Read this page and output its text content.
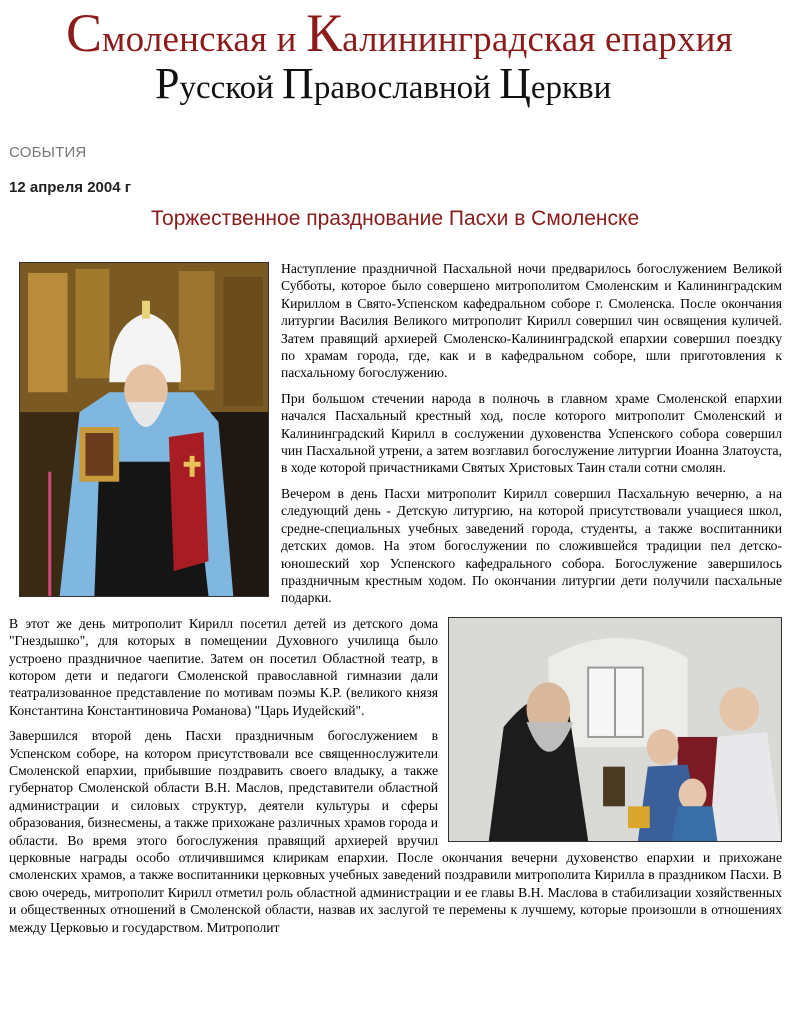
Смоленская и Калининградская епархия
Русской Православной Церкви
СОБЫТИЯ
12 апреля 2004 г
Торжественное празднование Пасхи в Смоленске

Наступление праздничной Пасхальной ночи предварилось богослужением Великой Субботы, которое было совершено митрополитом Смоленским и Калининградским Кириллом в Свято-Успенском кафедральном соборе г. Смоленска. После окончания литургии Василия Великого митрополит Кирилл совершил чин освящения куличей. Затем правящий архиерей Смоленско-Калининградской епархии совершил поездку по храмам города, где, как и в кафедральном соборе, шли приготовления к пасхальному богослужению.

При большом стечении народа в полночь в главном храме Смоленской епархии начался Пасхальный крестный ход, после которого митрополит Смоленский и Калининградский Кирилл в сослужении духовенства Успенского собора совершил чин Пасхальной утрени, а затем возглавил богослужение литургии Иоанна Златоуста, в ходе которой причастниками Святых Христовых Таин стали сотни смолян.

Вечером в день Пасхи митрополит Кирилл совершил Пасхальную вечерню, а на следующий день - Детскую литургию, на которой присутствовали учащиеся школ, средне-специальных учебных заведений города, студенты, а также воспитанники детских домов. На этом богослужении по сложившейся традиции пел детско-юношеский хор Успенского кафедрального собора. Богослужение завершилось праздничным крестным ходом. По окончании литургии дети получили пасхальные подарки.

В этот же день митрополит Кирилл посетил детей из детского дома "Гнездышко", для которых в помещении Духовного училища было устроено праздничное чаепитие. Затем он посетил Областной театр, в котором дети и педагоги Смоленской православной гимназии дали театрализованное представление по мотивам поэмы К.Р. (великого князя Константина Константиновича Романова) "Царь Иудейский".

Завершился второй день Пасхи праздничным богослужением в Успенском соборе, на котором присутствовали все священнослужители Смоленской епархии, прибывшие поздравить своего владыку, а также губернатор Смоленской области В.Н. Маслов, представители областной администрации и силовых структур, деятели культуры и сферы образования, бизнесмены, а также прихожане различных храмов города и области. Во время этого богослужения правящий архиерей вручил церковные награды особо отличившимся клирикам епархии. После окончания вечерни духовенство епархии и прихожане смоленских храмов, а также воспитанники церковных учебных заведений поздравили митрополита Кирилла в праздником Пасхи. В свою очередь, митрополит Кирилл отметил роль областной администрации и ее главы В.Н. Маслова в стабилизации хозяйственных и общественных отношений в Смоленской области, назвав их заслугой те перемены к лучшему, которые произошли в отношениях между Церковью и государством. Митрополит
